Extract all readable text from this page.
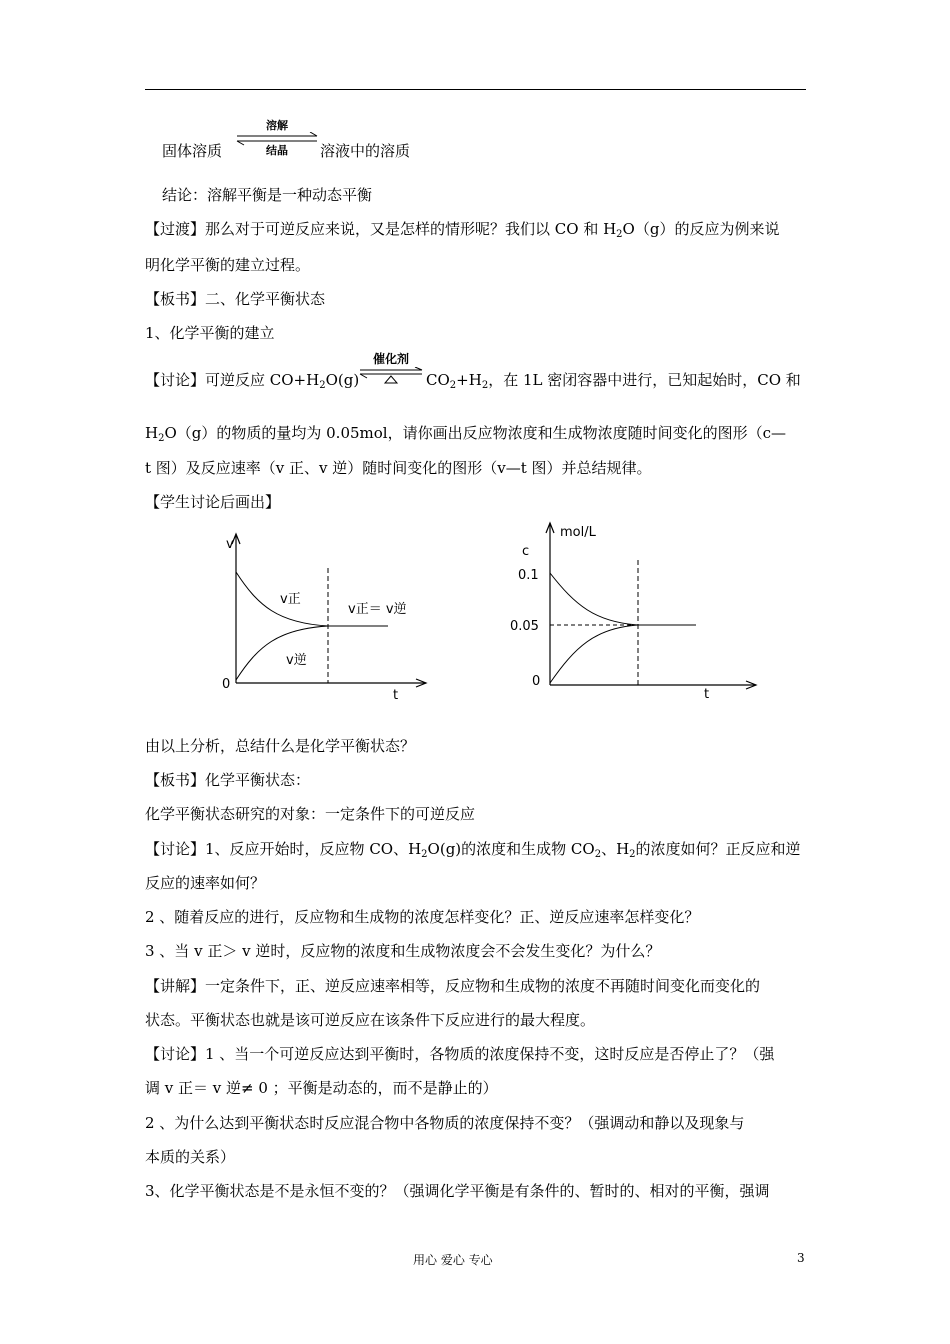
固体溶质	溶液中的溶质
溶解
结晶
结论：溶解平衡是一种动态平衡
【过渡】那么对于可逆反应来说，又是怎样的情形呢？我们以 CO 和 $H_2O(g)$的反应为例来说
明化学平衡的建立过程。
【板书】二、化学平衡状态
1、化学平衡的建立
【讨论】可逆反应 $CO+H_2O(g)$	$CO_2+H_2$，在 1L 密闭容器中进行，已知起始时，CO 和
催化剂
$H_2O(g)$的物质的量均为 0.05mol，请你画出反应物浓度和生成物浓度随时间变化的图形（c—
t 图）及反应速率（v 正、v 逆）随时间变化的图形（v—t 图）并总结规律。
【学生讨论后画出】
v
t
0
v正
v逆
v正＝ v逆
mol/L
c
0.1
0.05
0
t
由以上分析，总结什么是化学平衡状态？
【板书】化学平衡状态：
化学平衡状态研究的对象：一定条件下的可逆反应
【讨论】1、反应开始时，反应物 CO、$H_2O(g)$的浓度和生成物 $CO_2$、$H_2$的浓度如何？正反应和逆
反应的速率如何？
2 、随着反应的进行，反应物和生成物的浓度怎样变化？正、逆反应速率怎样变化？
3 、当 v 正＞ v 逆时，反应物的浓度和生成物浓度会不会发生变化？为什么？
【讲解】一定条件下，正、逆反应速率相等，反应物和生成物的浓度不再随时间变化而变化的
状态。平衡状态也就是该可逆反应在该条件下反应进行的最大程度。
【讨论】1 、当一个可逆反应达到平衡时，各物质的浓度保持不变，这时反应是否停止了？（强
调 v 正＝ v 逆≠ 0 ；平衡是动态的，而不是静止的）
2 、为什么达到平衡状态时反应混合物中各物质的浓度保持不变？（强调动和静以及现象与
本质的关系）
3、化学平衡状态是不是永恒不变的？（强调化学平衡是有条件的、暂时的、相对的平衡，强调
用心 爱心 专心	3
